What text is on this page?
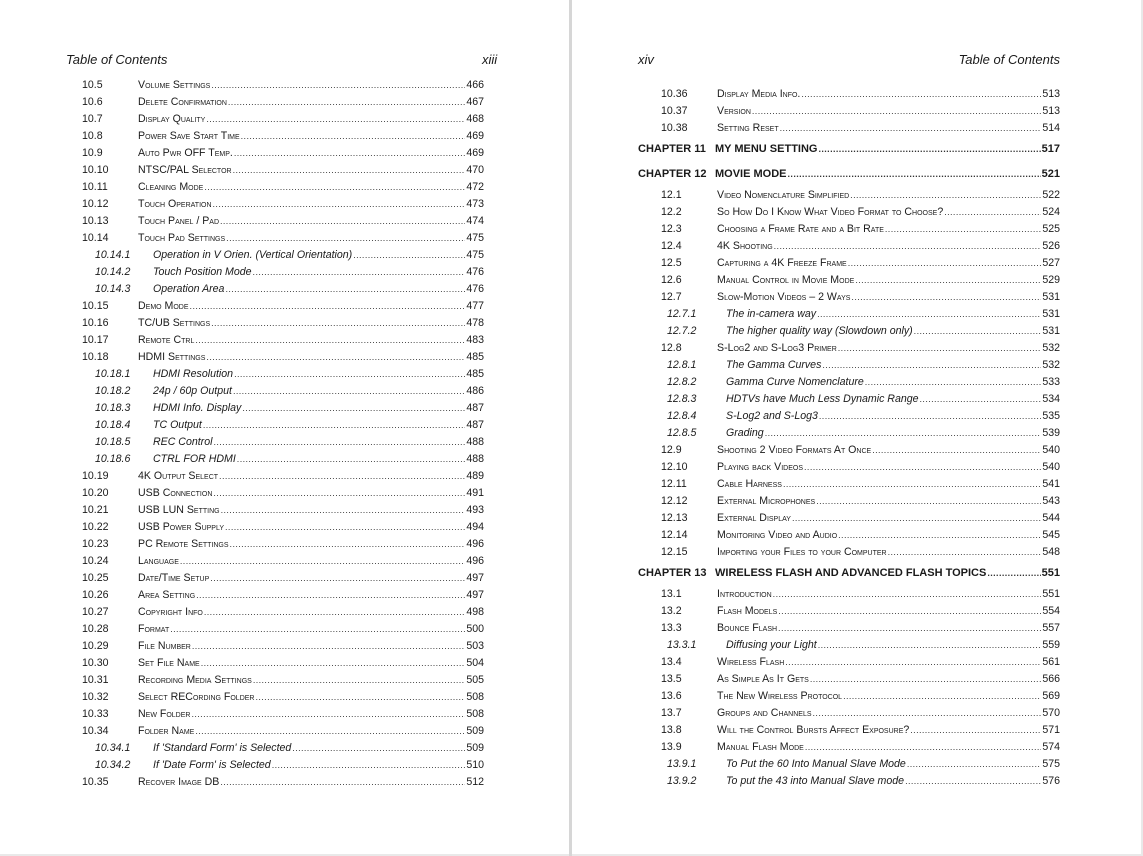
Table of Contents	xiii
10.5	Volume Settings .....	466
10.6	Delete Confirmation .....	467
10.7	Display Quality .....	468
10.8	Power Save Start Time .....	469
10.9	Auto Pwr OFF Temp. .....	469
10.10	NTSC/PAL Selector .....	470
10.11	Cleaning Mode .....	472
10.12	Touch Operation .....	473
10.13	Touch Panel / Pad .....	474
10.14	Touch Pad Settings .....	475
10.14.1	Operation in V Orien. (Vertical Orientation) .....	475
10.14.2	Touch Position Mode .....	476
10.14.3	Operation Area .....	476
10.15	Demo Mode .....	477
10.16	TC/UB Settings .....	478
10.17	Remote Ctrl .....	483
10.18	HDMI Settings .....	485
10.18.1	HDMI Resolution .....	485
10.18.2	24p / 60p Output .....	486
10.18.3	HDMI Info. Display .....	487
10.18.4	TC Output .....	487
10.18.5	REC Control .....	488
10.18.6	CTRL FOR HDMI .....	488
10.19	4K Output Select .....	489
10.20	USB Connection .....	491
10.21	USB LUN Setting .....	493
10.22	USB Power Supply .....	494
10.23	PC Remote Settings .....	496
10.24	Language .....	496
10.25	Date/Time Setup .....	497
10.26	Area Setting .....	497
10.27	Copyright Info .....	498
10.28	Format .....	500
10.29	File Number .....	503
10.30	Set File Name .....	504
10.31	Recording Media Settings .....	505
10.32	Select RECording Folder .....	508
10.33	New Folder .....	508
10.34	Folder Name .....	509
10.34.1	If 'Standard Form' is Selected .....	509
10.34.2	If 'Date Form' is Selected .....	510
10.35	Recover Image DB .....	512
xiv	Table of Contents
10.36	Display Media Info. .....	513
10.37	Version .....	513
10.38	Setting Reset .....	514
CHAPTER 11 MY MENU SETTING .....	517
CHAPTER 12 MOVIE MODE .....	521
12.1	Video Nomenclature Simplified .....	522
12.2	So How Do I Know What Video Format to Choose? .....	524
12.3	Choosing a Frame Rate and a Bit Rate .....	525
12.4	4K Shooting .....	526
12.5	Capturing a 4K Freeze Frame .....	527
12.6	Manual Control in Movie Mode .....	529
12.7	Slow-Motion Videos – 2 Ways .....	531
12.7.1	The in-camera way .....	531
12.7.2	The higher quality way (Slowdown only) .....	531
12.8	S-Log2 and S-Log3 Primer .....	532
12.8.1	The Gamma Curves .....	532
12.8.2	Gamma Curve Nomenclature .....	533
12.8.3	HDTVs have Much Less Dynamic Range .....	534
12.8.4	S-Log2 and S-Log3 .....	535
12.8.5	Grading .....	539
12.9	Shooting 2 Video Formats At Once .....	540
12.10	Playing back Videos .....	540
12.11	Cable Harness .....	541
12.12	External Microphones .....	543
12.13	External Display .....	544
12.14	Monitoring Video and Audio .....	545
12.15	Importing your Files to your Computer .....	548
CHAPTER 13 WIRELESS FLASH AND ADVANCED FLASH TOPICS .....	551
13.1	Introduction .....	551
13.2	Flash Models .....	554
13.3	Bounce Flash .....	557
13.3.1	Diffusing your Light .....	559
13.4	Wireless Flash .....	561
13.5	As Simple As It Gets .....	566
13.6	The New Wireless Protocol .....	569
13.7	Groups and Channels .....	570
13.8	Will the Control Bursts Affect Exposure? .....	571
13.9	Manual Flash Mode .....	574
13.9.1	To Put the 60 Into Manual Slave Mode .....	575
13.9.2	To put the 43 into Manual Slave mode .....	576
